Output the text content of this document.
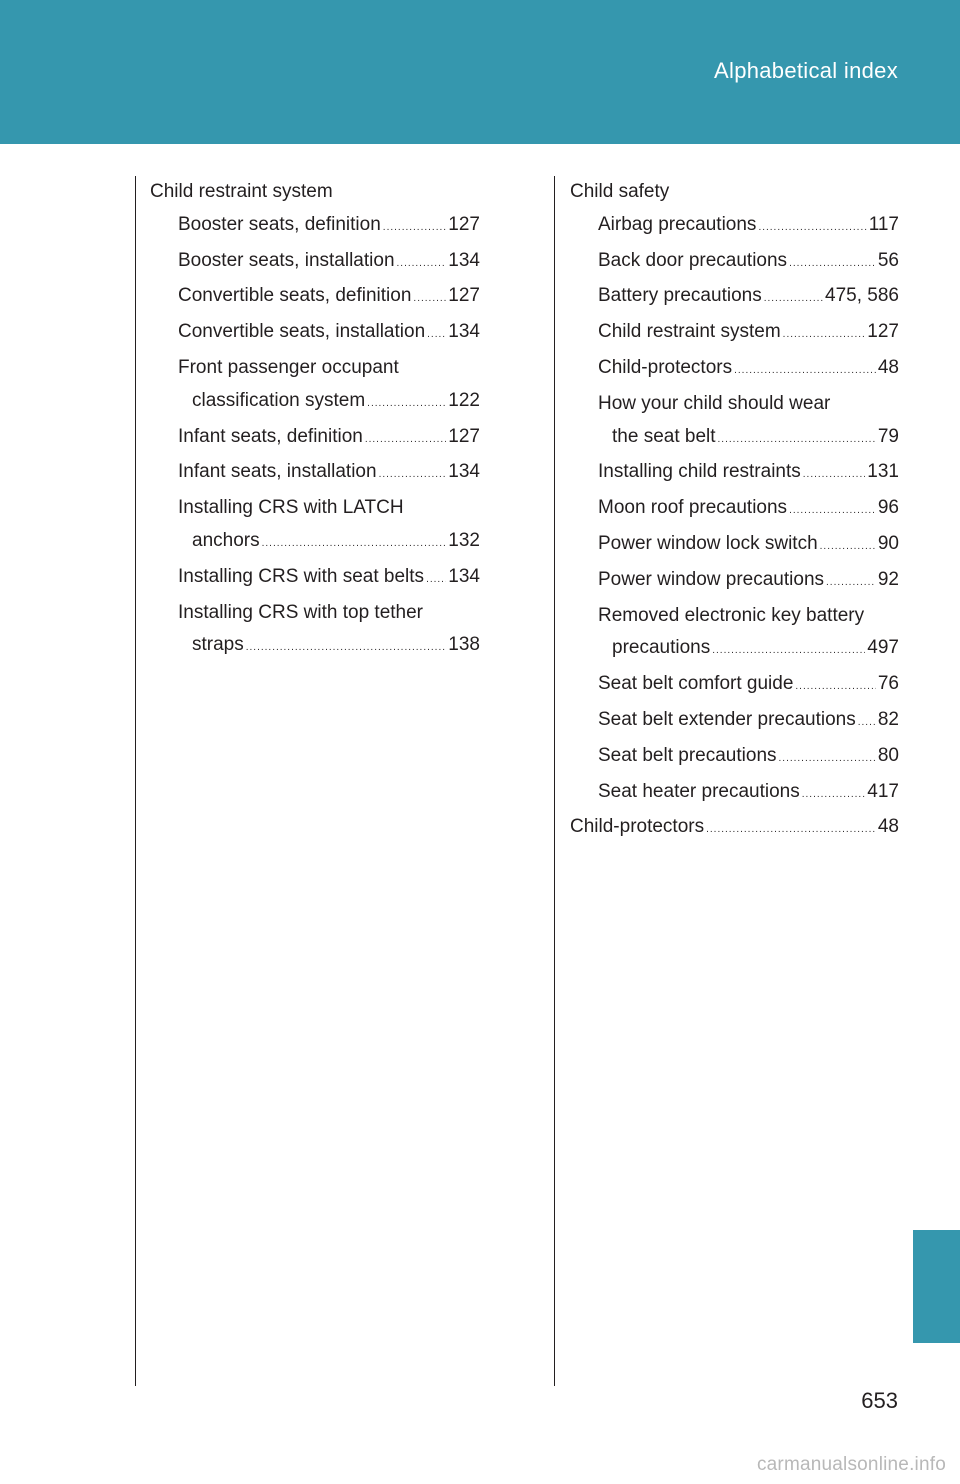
Alphabetical index
Child restraint system
Booster seats, definition .....	127
Booster seats, installation .....	134
Convertible seats, definition ..... 127
Convertible seats, installation ..... 134
Front passenger occupant
classification system .....	122
Infant seats, definition .....	127
Infant seats, installation .....	134
Installing CRS with LATCH
anchors .....	132
Installing CRS with seat belts ..... 134
Installing CRS with top tether
straps .....	138
Child safety
Airbag precautions .....	117
Back door precautions .....	56
Battery precautions .....	475, 586
Child restraint system .....	127
Child-protectors .....	48
How your child should wear
the seat belt .....	79
Installing child restraints .....	131
Moon roof precautions .....	96
Power window lock switch .....	90
Power window precautions .....	92
Removed electronic key battery
precautions .....	497
Seat belt comfort guide .....	76
Seat belt extender precautions ..... 82
Seat belt precautions .....	80
Seat heater precautions .....	417
Child-protectors .....	48
653
carmanualsonline.info
